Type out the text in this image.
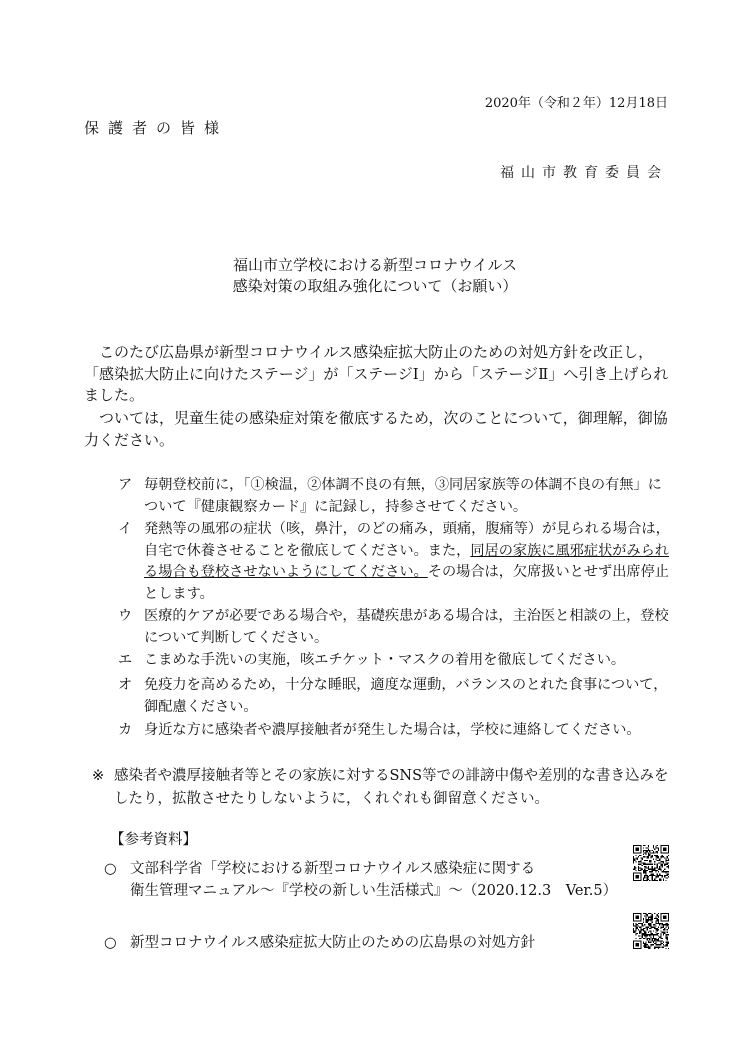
2020年（令和２年）12月18日
保護者の皆様
福山市教育委員会
福山市立学校における新型コロナウイルス
感染対策の取組み強化について（お願い）
 このたび広島県が新型コロナウイルス感染症拡大防止のための対処方針を改正し，「感染拡大防止に向けたステージ」が「ステージⅠ」から「ステージⅡ」へ引き上げられました。
 ついては，児童生徒の感染症対策を徹底するため，次のことについて，御理解，御協力ください。
ア 毎朝登校前に，「①検温，②体調不良の有無，③同居家族等の体調不良の有無」について『健康観察カード』に記録し，持参させてください。
イ 発熱等の風邪の症状（咳，鼻汁，のどの痛み，頭痛，腹痛等）が見られる場合は，自宅で休養させることを徹底してください。また，同居の家族に風邪症状がみられる場合も登校させないようにしてください。その場合は，欠席扱いとせず出席停止とします。
ウ 医療的ケアが必要である場合や，基礎疾患がある場合は，主治医と相談の上，登校について判断してください。
エ こまめな手洗いの実施，咳エチケット・マスクの着用を徹底してください。
オ 免疫力を高めるため，十分な睡眠，適度な運動，バランスのとれた食事について，御配慮ください。
カ 身近な方に感染者や濃厚接触者が発生した場合は，学校に連絡してください。
※ 感染者や濃厚接触者等とその家族に対するSNS等での誹謗中傷や差別的な書き込みをしたり，拡散させたりしないように，くれぐれも御留意ください。
【参考資料】
○ 文部科学省「学校における新型コロナウイルス感染症に関する
衛生管理マニュアル～『学校の新しい生活様式』～（2020.12.3　Ver.5）
○ 新型コロナウイルス感染症拡大防止のための広島県の対処方針
